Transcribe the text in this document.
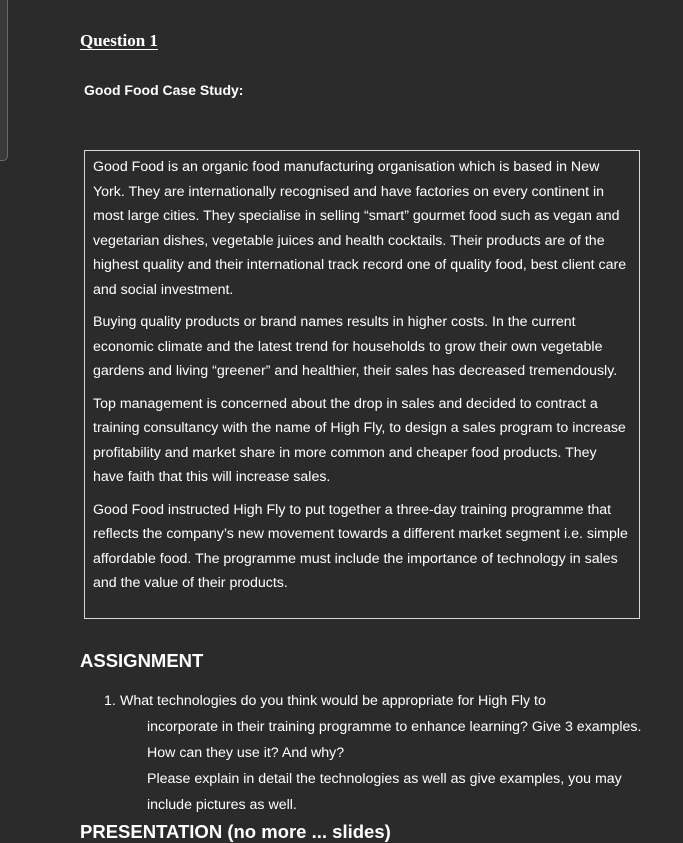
Question 1
Good Food Case Study:

Good Food is an organic food manufacturing organisation which is based in New York. They are internationally recognised and have factories on every continent in most large cities. They specialise in selling “smart” gourmet food such as vegan and vegetarian dishes, vegetable juices and health cocktails. Their products are of the highest quality and their international track record one of quality food, best client care and social investment.

Buying quality products or brand names results in higher costs. In the current economic climate and the latest trend for households to grow their own vegetable gardens and living “greener” and healthier, their sales has decreased tremendously.

Top management is concerned about the drop in sales and decided to contract a training consultancy with the name of High Fly, to design a sales program to increase profitability and market share in more common and cheaper food products. They have faith that this will increase sales.

Good Food instructed High Fly to put together a three-day training programme that reflects the company’s new movement towards a different market segment i.e. simple affordable food. The programme must include the importance of technology in sales and the value of their products.

ASSIGNMENT
1. What technologies do you think would be appropriate for High Fly to
incorporate in their training programme to enhance learning? Give 3 examples. How can they use it? And why?
Please explain in detail the technologies as well as give examples, you may include pictures as well.
PRESENTATION (no more ... slides)
